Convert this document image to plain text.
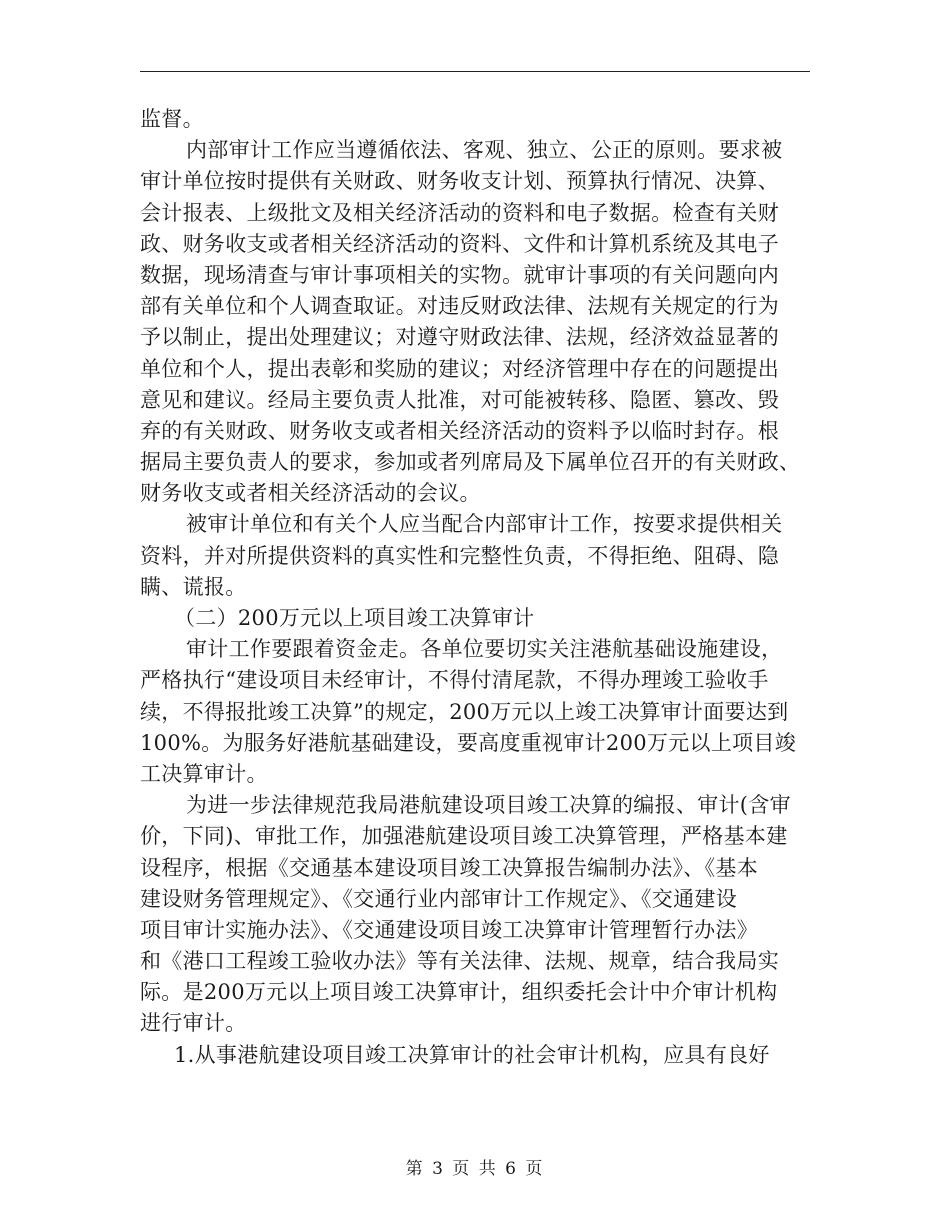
监督。
内部审计工作应当遵循依法、客观、独立、公正的原则。要求被
审计单位按时提供有关财政、财务收支计划、预算执行情况、决算、
会计报表、上级批文及相关经济活动的资料和电子数据。检查有关财
政、财务收支或者相关经济活动的资料、文件和计算机系统及其电子
数据，现场清查与审计事项相关的实物。就审计事项的有关问题向内
部有关单位和个人调查取证。对违反财政法律、法规有关规定的行为
予以制止，提出处理建议；对遵守财政法律、法规，经济效益显著的
单位和个人，提出表彰和奖励的建议；对经济管理中存在的问题提出
意见和建议。经局主要负责人批准，对可能被转移、隐匿、篡改、毁
弃的有关财政、财务收支或者相关经济活动的资料予以临时封存。根
据局主要负责人的要求，参加或者列席局及下属单位召开的有关财政、
财务收支或者相关经济活动的会议。
被审计单位和有关个人应当配合内部审计工作，按要求提供相关
资料，并对所提供资料的真实性和完整性负责，不得拒绝、阻碍、隐
瞒、谎报。
（二）200万元以上项目竣工决算审计
审计工作要跟着资金走。各单位要切实关注港航基础设施建设，
严格执行“建设项目未经审计，不得付清尾款，不得办理竣工验收手
续，不得报批竣工决算”的规定，200万元以上竣工决算审计面要达到
100%。为服务好港航基础建设，要高度重视审计200万元以上项目竣
工决算审计。
为进一步法律规范我局港航建设项目竣工决算的编报、审计(含审
价，下同)、审批工作，加强港航建设项目竣工决算管理，严格基本建
设程序，根据《交通基本建设项目竣工决算报告编制办法》、《基本
建设财务管理规定》、《交通行业内部审计工作规定》、《交通建设
项目审计实施办法》、《交通建设项目竣工决算审计管理暂行办法》
和《港口工程竣工验收办法》等有关法律、法规、规章，结合我局实
际。是200万元以上项目竣工决算审计，组织委托会计中介审计机构
进行审计。
1.从事港航建设项目竣工决算审计的社会审计机构，应具有良好
第 3 页 共 6 页
